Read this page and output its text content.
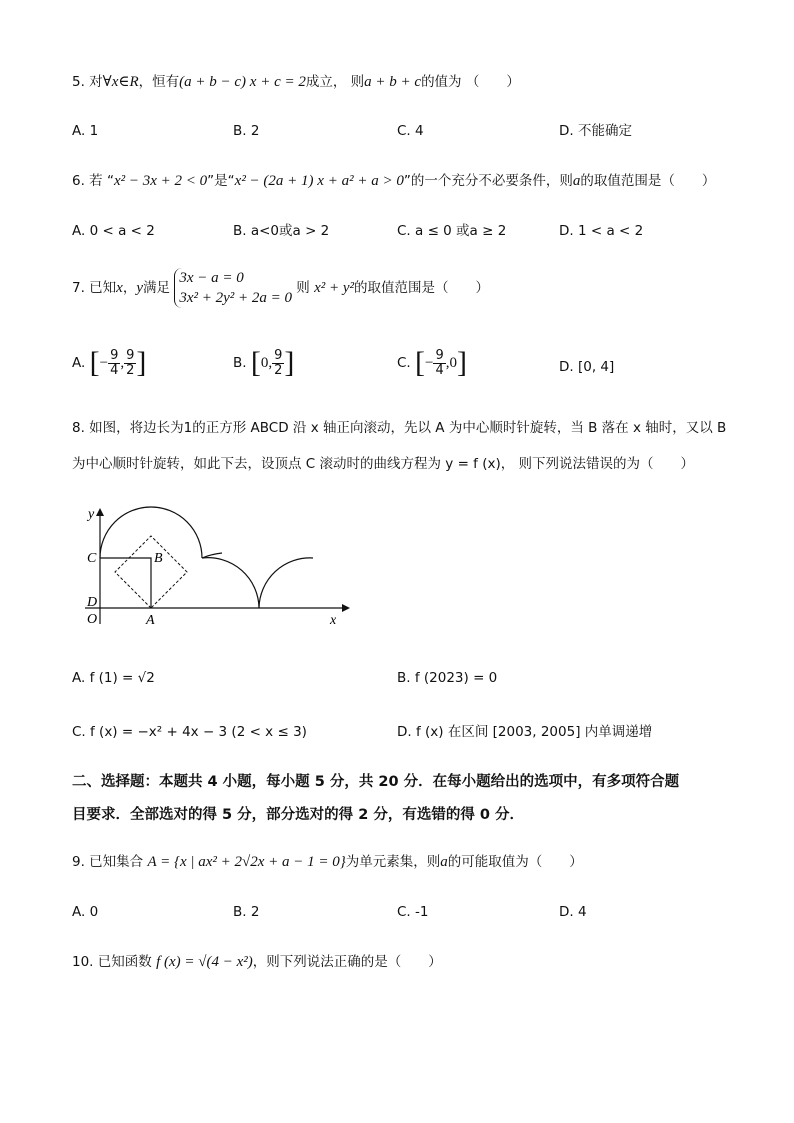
5. 对∀x∈R，恒有(a + b − c) x + c = 2成立， 则a + b + c的值为 （　　）
A. 1	B. 2	C. 4	D. 不能确定
6. 若 “x² − 3x + 2 < 0”是“x² − (2a + 1) x + a² + a > 0”的一个充分不必要条件，则a的取值范围是（　　）
A. 0 < a < 2	B. a<0或a > 2	C. a ≤ 0 或a ≥ 2	D. 1 < a < 2
7. 已知x，y满足
3x − a = 0
3x² + 2y² + 2a = 0
则 x² + y²的取值范围是（　　）
A. [− $\frac{9}{4}$ , $\frac{9}{2}$ ]	B. [0, $\frac{9}{2}$ ]	C. [− $\frac{9}{4} ,0$]	D. [0, 4]
8. 如图，将边长为1的正方形 ABCD 沿 x 轴正向滚动，先以 A 为中心顺时针旋转，当 B 落在 x 轴时，又以 B
为中心顺时针旋转，如此下去，设顶点 C 滚动时的曲线方程为 y = f (x)， 则下列说法错误的为（　　）
y
x
C	B
D
O	A
A. f (1) = √2	B. f (2023) = 0
C. f (x) = −x² + 4x − 3 (2 < x ≤ 3)	D. f (x) 在区间 [2003, 2005] 内单调递增
二、选择题：本题共 4 小题，每小题 5 分，共 20 分．在每小题给出的选项中，有多项符合题
目要求．全部选对的得 5 分，部分选对的得 2 分，有选错的得 0 分．
9. 已知集合 A = {x | ax² + 2√2x + a − 1 = 0}为单元素集，则a的可能取值为（　　）
A. 0	B. 2	C. -1	D. 4
10. 已知函数 f (x) = √(4 − x²)，则下列说法正确的是（　　）
